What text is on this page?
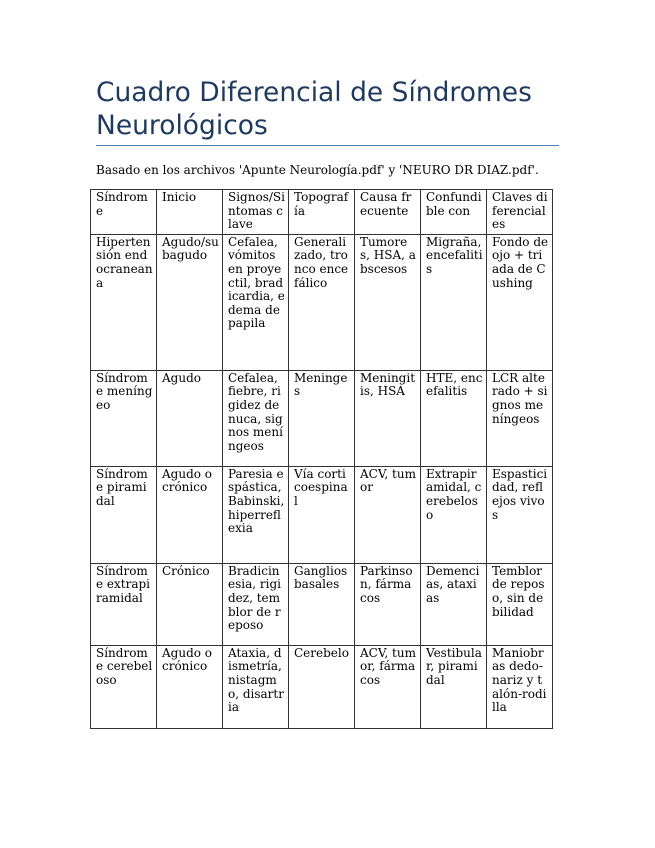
Cuadro Diferencial de Síndromes Neurológicos

Basado en los archivos 'Apunte Neurología.pdf' y 'NEURO DR DIAZ.pdf'.

Síndrome	Inicio	Signos/Sintomas clave	Topografía	Causa frecuente	Confundible con	Claves diferenciales
Hipertensión endocraneana	Agudo/subagudo	Cefalea, vómitos en proyectil, bradicardia, edema de papila	Generalizado, tronco encefálico	Tumores, HSA, abscesos	Migraña, encefalitis	Fondo de ojo + triada de Cushing
Síndrome meníngeo	Agudo	Cefalea, fiebre, rigidez de nuca, signos meníngeos	Meninges	Meningitis, HSA	HTE, encefalitis	LCR alterado + signos meníngeos
Síndrome piramidal	Agudo o crónico	Paresia espástica, Babinski, hiperreflexia	Vía corticoespinal	ACV, tumor	Extrapiramidal, cerebeloso	Espasticidad, reflejos vivos
Síndrome extrapiramidal	Crónico	Bradicinesia, rigidez, temblor de reposo	Ganglios basales	Parkinson, fármacos	Demencias, ataxias	Temblor de reposo, sin debilidad
Síndrome cerebeloso	Agudo o crónico	Ataxia, dismetría, nistagmo, disartria	Cerebelo	ACV, tumor, fármacos	Vestibular, piramidal	Maniobras dedo-nariz y talón-rodilla
